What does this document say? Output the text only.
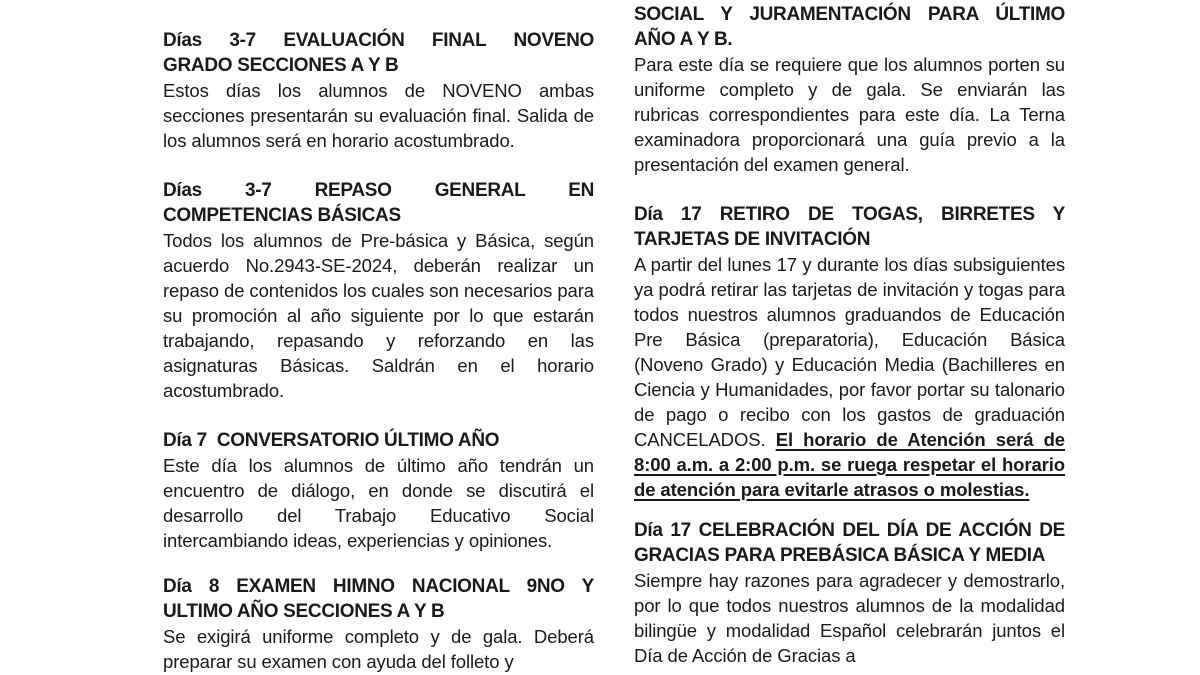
Días 3-7 EVALUACIÓN FINAL NOVENO
GRADO SECCIONES A Y B

Estos días los alumnos de NOVENO ambas secciones presentarán su evaluación final. Salida de los alumnos será en horario acostumbrado.

Días 3-7 REPASO GENERAL EN
COMPETENCIAS BÁSICAS

Todos los alumnos de Pre-básica y Básica, según acuerdo No.2943-SE-2024, deberán realizar un repaso de contenidos los cuales son necesarios para su promoción al año siguiente por lo que estarán trabajando, repasando y reforzando en las asignaturas Básicas. Saldrán en el horario acostumbrado.

Día 7  CONVERSATORIO ÚLTIMO AÑO

Este día los alumnos de último año tendrán un encuentro de diálogo, en donde se discutirá el desarrollo del Trabajo Educativo Social intercambiando ideas, experiencias y opiniones.

Día 8 EXAMEN HIMNO NACIONAL 9NO Y
ULTIMO AÑO SECCIONES A Y B

Se exigirá uniforme completo y de gala. Deberá preparar su examen con ayuda del folleto y

SOCIAL Y JURAMENTACIÓN PARA ÚLTIMO
AÑO A Y B.

Para este día se requiere que los alumnos porten su uniforme completo y de gala. Se enviarán las rubricas correspondientes para este día. La Terna examinadora proporcionará una guía previo a la presentación del examen general.

Día 17 RETIRO DE TOGAS, BIRRETES Y
TARJETAS DE INVITACIÓN

A partir del lunes 17 y durante los días subsiguientes ya podrá retirar las tarjetas de invitación y togas para todos nuestros alumnos graduandos de Educación Pre Básica (preparatoria), Educación Básica (Noveno Grado) y Educación Media (Bachilleres en Ciencia y Humanidades, por favor portar su talonario de pago o recibo con los gastos de graduación CANCELADOS. El horario de Atención será de 8:00 a.m. a 2:00 p.m. se ruega respetar el horario de atención para evitarle atrasos o molestias.

Día 17 CELEBRACIÓN DEL DÍA DE ACCIÓN DE
GRACIAS PARA PREBÁSICA BÁSICA Y MEDIA

Siempre hay razones para agradecer y demostrarlo, por lo que todos nuestros alumnos de la modalidad bilingüe y modalidad Español celebrarán juntos el Día de Acción de Gracias a
